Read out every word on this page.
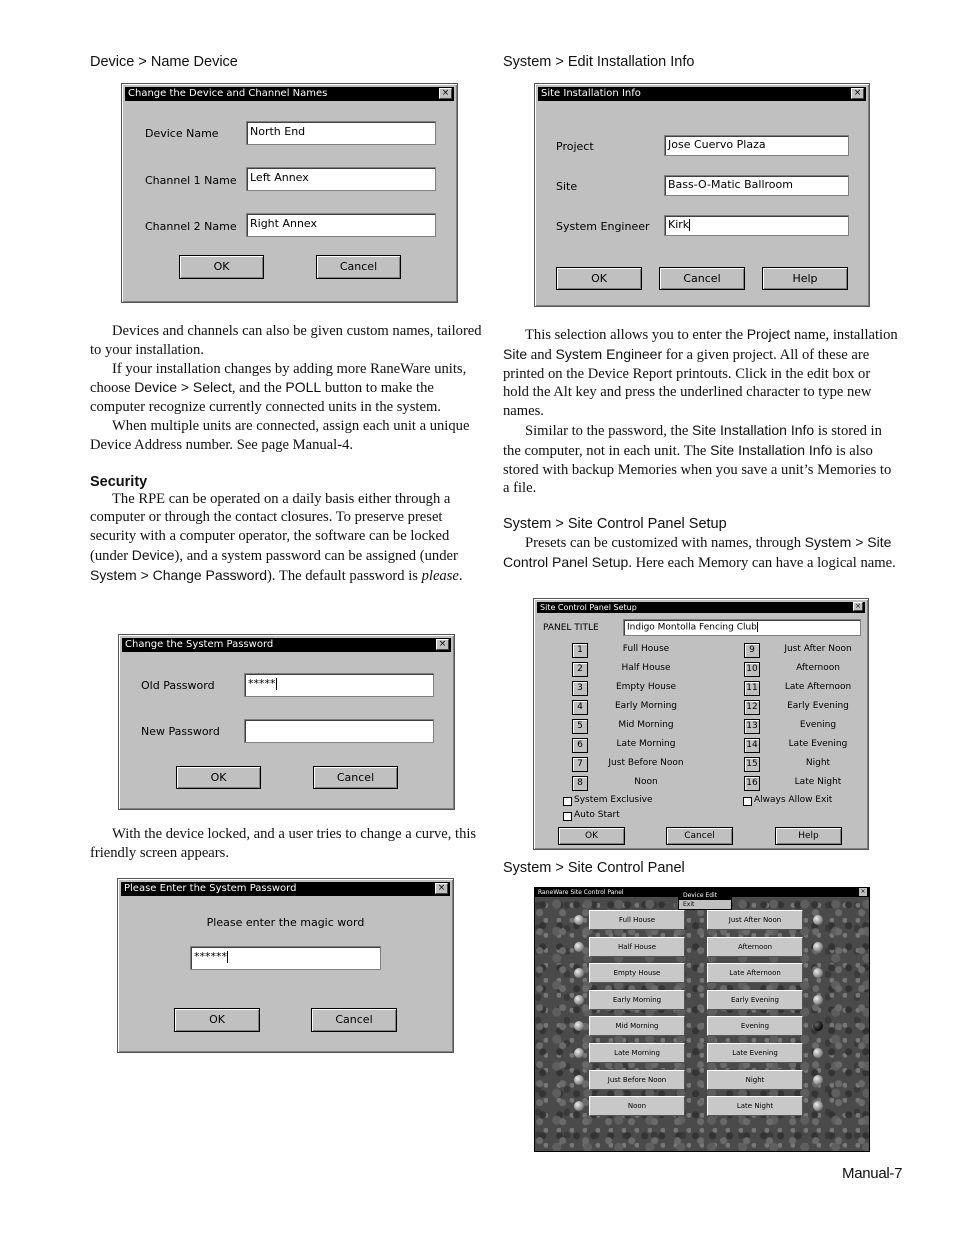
Device > Name Device	System > Edit Installation Info
Change the Device and Channel Names	×
Device Name	North End
Channel 1 Name	Left Annex
Channel 2 Name	Right Annex
OK	Cancel
Site Installation Info	×
Project	Jose Cuervo Plaza
Site	Bass-O-Matic Ballroom
System Engineer	Kirk
OK	Cancel	Help

Devices and channels can also be given custom names, tailored to your installation.

If your installation changes by adding more RaneWare units, choose Device > Select, and the POLL button to make the computer recognize currently connected units in the system.

When multiple units are connected, assign each unit a unique Device Address number. See page Manual-4.

Security

The RPE can be operated on a daily basis either through a computer or through the contact closures. To preserve preset security with a computer operator, the software can be locked (under Device), and a system password can be assigned (under System > Change Password). The default password is please.

Change the System Password	×
Old Password	*****
New Password
OK	Cancel

With the device locked, and a user tries to change a curve, this friendly screen appears.

Please Enter the System Password	×
Please enter the magic word
******
OK	Cancel

This selection allows you to enter the Project name, installation Site and System Engineer for a given project. All of these are printed on the Device Report printouts. Click in the edit box or hold the Alt key and press the underlined character to type new names.

Similar to the password, the Site Installation Info is stored in the computer, not in each unit. The Site Installation Info is also stored with backup Memories when you save a unit’s Memories to a file.

System > Site Control Panel Setup

Presets can be customized with names, through System > Site Control Panel Setup. Here each Memory can have a logical name.

Site Control Panel Setup	×
PANEL TITLE	Indigo Montolla Fencing Club
1	Full House	9	Just After Noon
2	Half House	10	Afternoon
3	Empty House	11	Late Afternoon
4	Early Morning	12	Early Evening
5	Mid Morning	13	Evening
6	Late Morning	14	Late Evening
7	Just Before Noon	15	Night
8	Noon	16	Late Night
System Exclusive
Auto Start
Always Allow Exit
OK	Cancel	Help
System > Site Control Panel
RaneWare Site Control Panel	×
Device Edit
Exit
Full House	Just After Noon
Half House	Afternoon
Empty House	Late Afternoon
Early Morning	Early Evening
Mid Morning	Evening
Late Morning	Late Evening
Just Before Noon	Night
Noon	Late Night
Manual-7
